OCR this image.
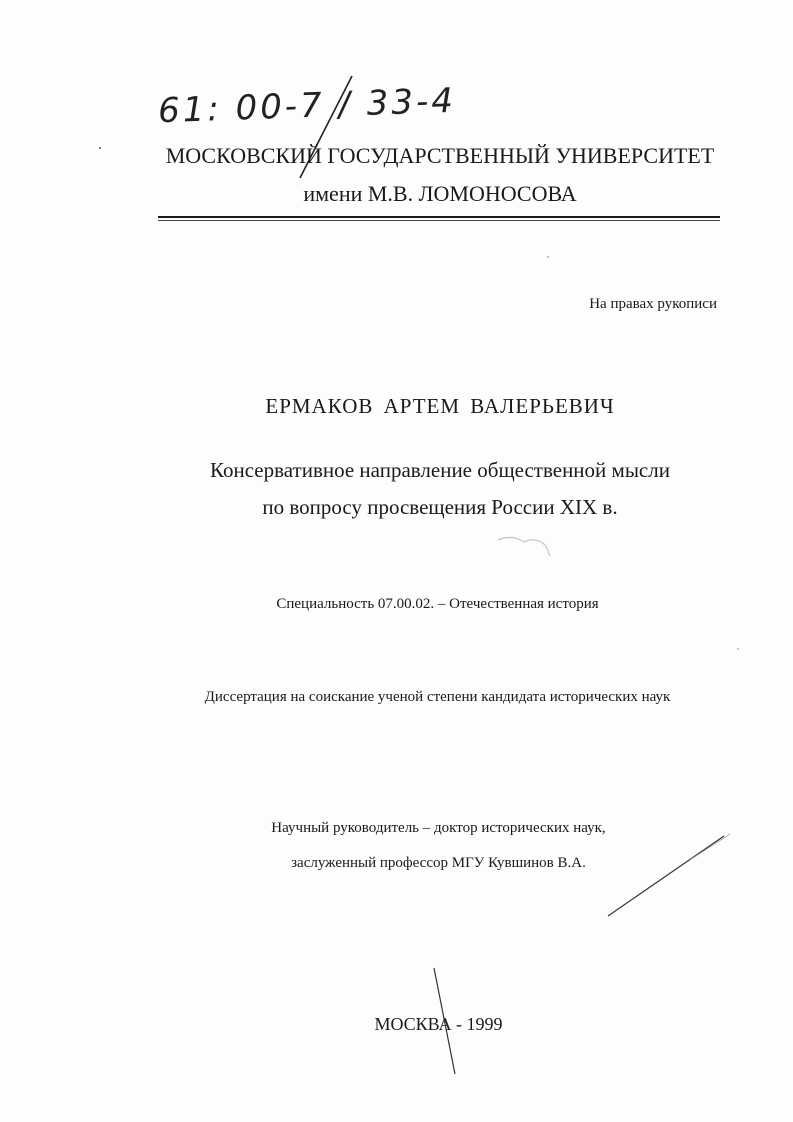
61: 00-7 / 33-4
МОСКОВСКИЙ ГОСУДАРСТВЕННЫЙ УНИВЕРСИТЕТ
имени М.В. ЛОМОНОСОВА
На правах рукописи
ЕРМАКОВ АРТЕМ ВАЛЕРЬЕВИЧ
Консервативное направление общественной мысли
по вопросу просвещения России XIX в.
Специальность 07.00.02. – Отечественная история
Диссертация на соискание ученой степени кандидата исторических наук
Научный руководитель – доктор исторических наук,
заслуженный профессор МГУ Кувшинов В.А.
МОСКВА - 1999
